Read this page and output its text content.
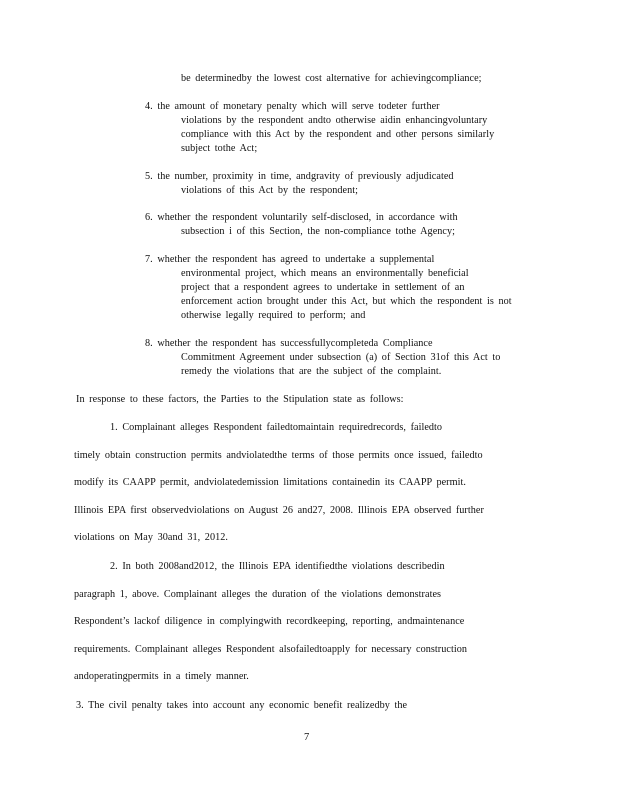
be determinedby the lowest cost alternative for achievingcompliance;
4. the amount of monetary penalty which will serve todeter further
violations by the respondent andto otherwise aidin enhancingvoluntary
compliance with this Act by the respondent and other persons similarly
subject tothe Act;
5. the number, proximity in time, andgravity of previously adjudicated
violations of this Act by the respondent;
6. whether the respondent voluntarily self-disclosed, in accordance with
subsection i of this Section, the non-compliance tothe Agency;
7. whether the respondent has agreed to undertake a supplemental
environmental project, which means an environmentally beneficial
project that a respondent agrees to undertake in settlement of an
enforcement action brought under this Act, but which the respondent is not
otherwise legally required to perform; and
8. whether the respondent has successfullycompleteda Compliance
Commitment Agreement under subsection (a) of Section 31of this Act to
remedy the violations that are the subject of the complaint.
In response to these factors, the Parties to the Stipulation state as follows:
1. Complainant alleges Respondent failedtomaintain requiredrecords, failedto
timely obtain construction permits andviolatedthe terms of those permits once issued, failedto
modify its CAAPP permit, andviolatedemission limitations containedin its CAAPP permit.
Illinois EPA first observedviolations on August 26 and27, 2008. Illinois EPA observed further
violations on May 30and 31, 2012.
2. In both 2008and2012, the Illinois EPA identifiedthe violations describedin
paragraph 1, above. Complainant alleges the duration of the violations demonstrates
Respondent’s lackof diligence in complyingwith recordkeeping, reporting, andmaintenance
requirements. Complainant alleges Respondent alsofailedtoapply for necessary construction
andoperatingpermits in a timely manner.
3. The civil penalty takes into account any economic benefit realizedby the
7
